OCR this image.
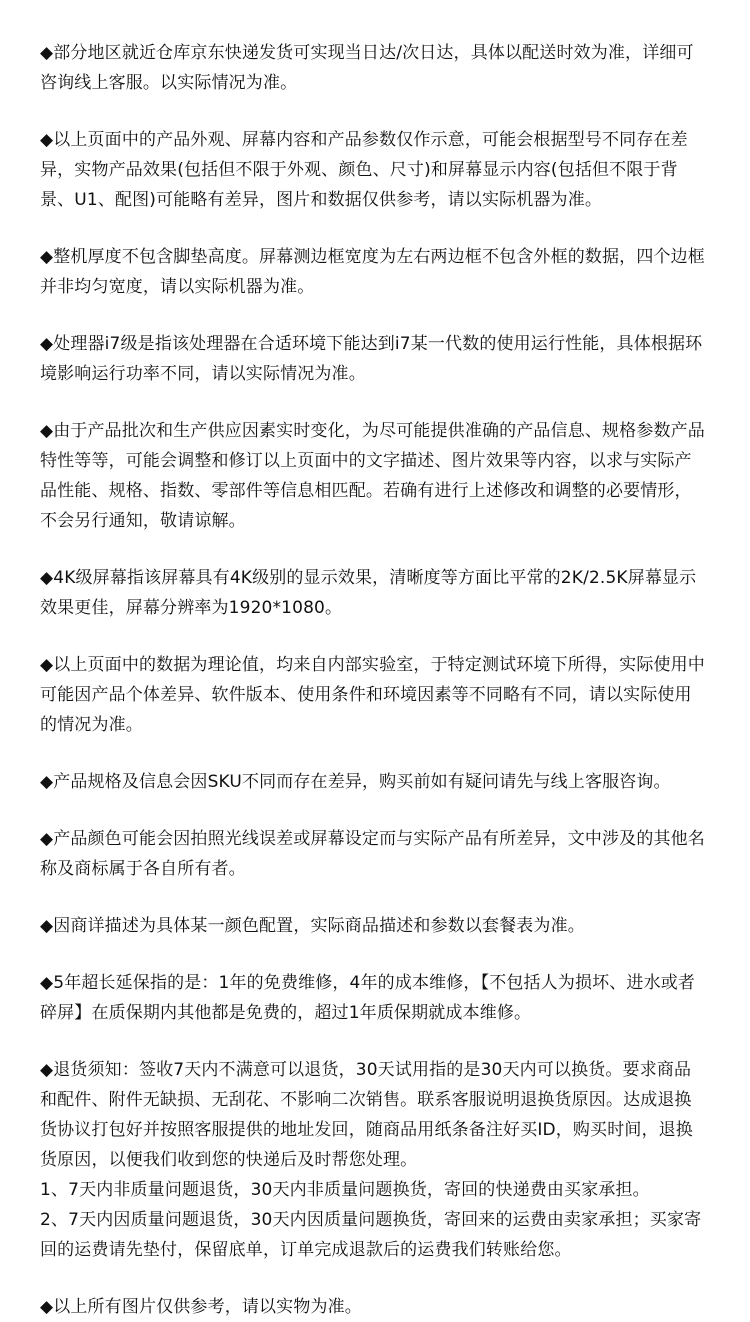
◆部分地区就近仓库京东快递发货可实现当日达/次日达，具体以配送时效为准，详细可咨询线上客服。以实际情况为准。

◆以上页面中的产品外观、屏幕内容和产品参数仅作示意，可能会根据型号不同存在差异，实物产品效果(包括但不限于外观、颜色、尺寸)和屏幕显示内容(包括但不限于背景、U1、配图)可能略有差异，图片和数据仅供参考，请以实际机器为准。

◆整机厚度不包含脚垫高度。屏幕测边框宽度为左右两边框不包含外框的数据，四个边框并非均匀宽度，请以实际机器为准。

◆处理器i7级是指该处理器在合适环境下能达到i7某一代数的使用运行性能，具体根据环境影响运行功率不同，请以实际情况为准。

◆由于产品批次和生产供应因素实时变化，为尽可能提供准确的产品信息、规格参数产品特性等等，可能会调整和修订以上页面中的文字描述、图片效果等内容，以求与实际产品性能、规格、指数、零部件等信息相匹配。若确有进行上述修改和调整的必要情形，不会另行通知，敬请谅解。

◆4K级屏幕指该屏幕具有4K级别的显示效果，清晰度等方面比平常的2K/2.5K屏幕显示效果更佳，屏幕分辨率为1920*1080。

◆以上页面中的数据为理论值，均来自内部实验室，于特定测试环境下所得，实际使用中可能因产品个体差异、软件版本、使用条件和环境因素等不同略有不同，请以实际使用的情况为准。

◆产品规格及信息会因SKU不同而存在差异，购买前如有疑问请先与线上客服咨询。

◆产品颜色可能会因拍照光线误差或屏幕设定而与实际产品有所差异，文中涉及的其他名称及商标属于各自所有者。

◆因商详描述为具体某一颜色配置，实际商品描述和参数以套餐表为准。

◆5年超长延保指的是：1年的免费维修，4年的成本维修，【不包括人为损坏、进水或者碎屏】在质保期内其他都是免费的，超过1年质保期就成本维修。

◆退货须知：签收7天内不满意可以退货，30天试用指的是30天内可以换货。要求商品和配件、附件无缺损、无刮花、不影响二次销售。联系客服说明退换货原因。达成退换货协议打包好并按照客服提供的地址发回，随商品用纸条备注好买ID，购买时间，退换货原因，以便我们收到您的快递后及时帮您处理。
1、7天内非质量问题退货，30天内非质量问题换货，寄回的快递费由买家承担。
2、7天内因质量问题退货，30天内因质量问题换货，寄回来的运费由卖家承担；买家寄回的运费请先垫付，保留底单，订单完成退款后的运费我们转账给您。

◆以上所有图片仅供参考，请以实物为准。
